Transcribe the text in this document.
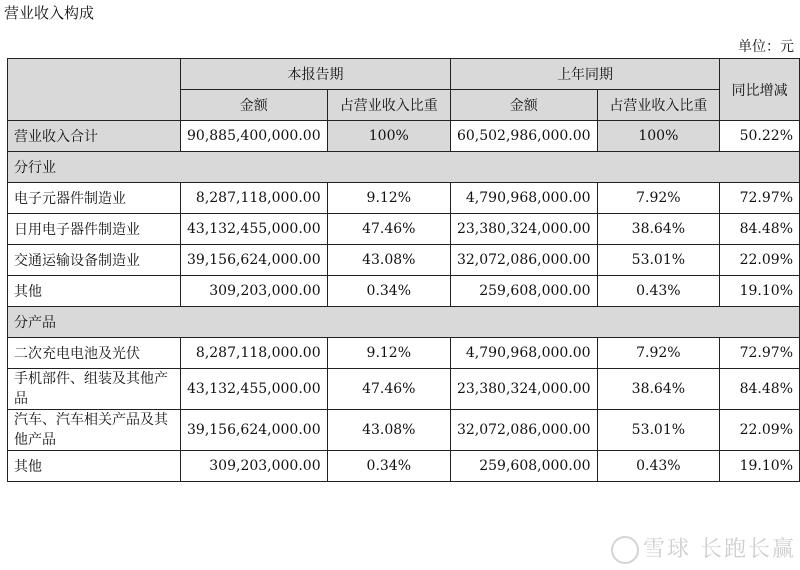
营业收入构成
单位：元
	本报告期		上年同期		同比增减
	金额	占营业收入比重	金额	占营业收入比重	
营业收入合计	90,885,400,000.00	100%	60,502,986,000.00	100%	50.22%
分行业					
电子元器件制造业	8,287,118,000.00	9.12%	4,790,968,000.00	7.92%	72.97%
日用电子器件制造业	43,132,455,000.00	47.46%	23,380,324,000.00	38.64%	84.48%
交通运输设备制造业	39,156,624,000.00	43.08%	32,072,086,000.00	53.01%	22.09%
其他	309,203,000.00	0.34%	259,608,000.00	0.43%	19.10%
分产品					
二次充电电池及光伏	8,287,118,000.00	9.12%	4,790,968,000.00	7.92%	72.97%
手机部件、组装及其他产品	43,132,455,000.00	47.46%	23,380,324,000.00	38.64%	84.48%
汽车、汽车相关产品及其他产品	39,156,624,000.00	43.08%	32,072,086,000.00	53.01%	22.09%
其他	309,203,000.00	0.34%	259,608,000.00	0.43%	19.10%
雪球 长跑长赢
